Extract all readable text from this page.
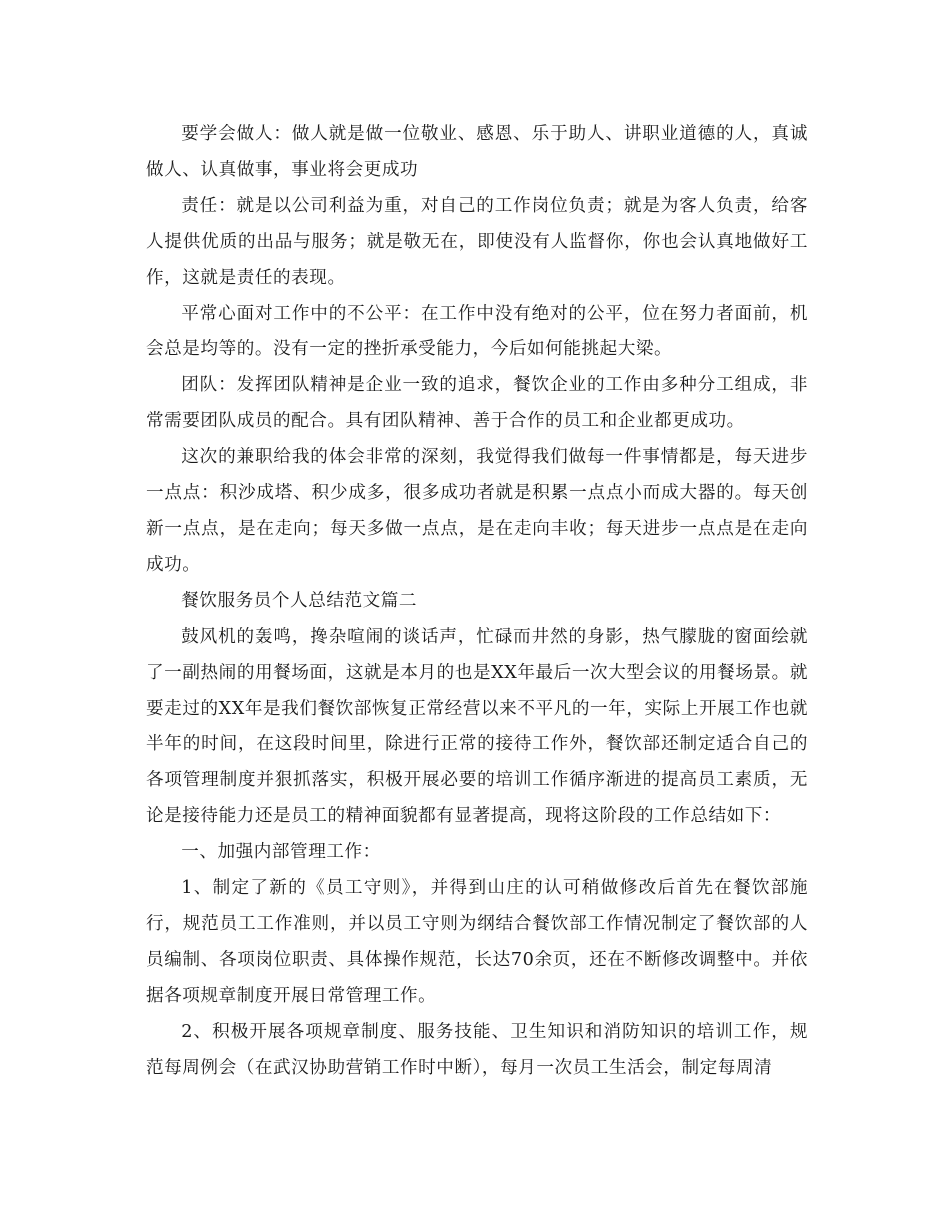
要学会做人：做人就是做一位敬业、感恩、乐于助人、讲职业道德的人，真诚做人、认真做事，事业将会更成功

责任：就是以公司利益为重，对自己的工作岗位负责；就是为客人负责，给客人提供优质的出品与服务；就是敬无在，即使没有人监督你，你也会认真地做好工作，这就是责任的表现。

平常心面对工作中的不公平：在工作中没有绝对的公平，位在努力者面前，机会总是均等的。没有一定的挫折承受能力，今后如何能挑起大梁。

团队：发挥团队精神是企业一致的追求，餐饮企业的工作由多种分工组成，非常需要团队成员的配合。具有团队精神、善于合作的员工和企业都更成功。

这次的兼职给我的体会非常的深刻，我觉得我们做每一件事情都是，每天进步一点点：积沙成塔、积少成多，很多成功者就是积累一点点小而成大器的。每天创新一点点，是在走向；每天多做一点点，是在走向丰收；每天进步一点点是在走向成功。

餐饮服务员个人总结范文篇二

鼓风机的轰鸣，搀杂喧闹的谈话声，忙碌而井然的身影，热气朦胧的窗面绘就了一副热闹的用餐场面，这就是本月的也是XX年最后一次大型会议的用餐场景。就要走过的XX年是我们餐饮部恢复正常经营以来不平凡的一年，实际上开展工作也就半年的时间，在这段时间里，除进行正常的接待工作外，餐饮部还制定适合自己的各项管理制度并狠抓落实，积极开展必要的培训工作循序渐进的提高员工素质，无论是接待能力还是员工的精神面貌都有显著提高，现将这阶段的工作总结如下：

一、加强内部管理工作：

1、制定了新的《员工守则》，并得到山庄的认可稍做修改后首先在餐饮部施行，规范员工工作准则，并以员工守则为纲结合餐饮部工作情况制定了餐饮部的人员编制、各项岗位职责、具体操作规范，长达70余页，还在不断修改调整中。并依据各项规章制度开展日常管理工作。

2、积极开展各项规章制度、服务技能、卫生知识和消防知识的培训工作，规范每周例会（在武汉协助营销工作时中断），每月一次员工生活会，制定每周清
